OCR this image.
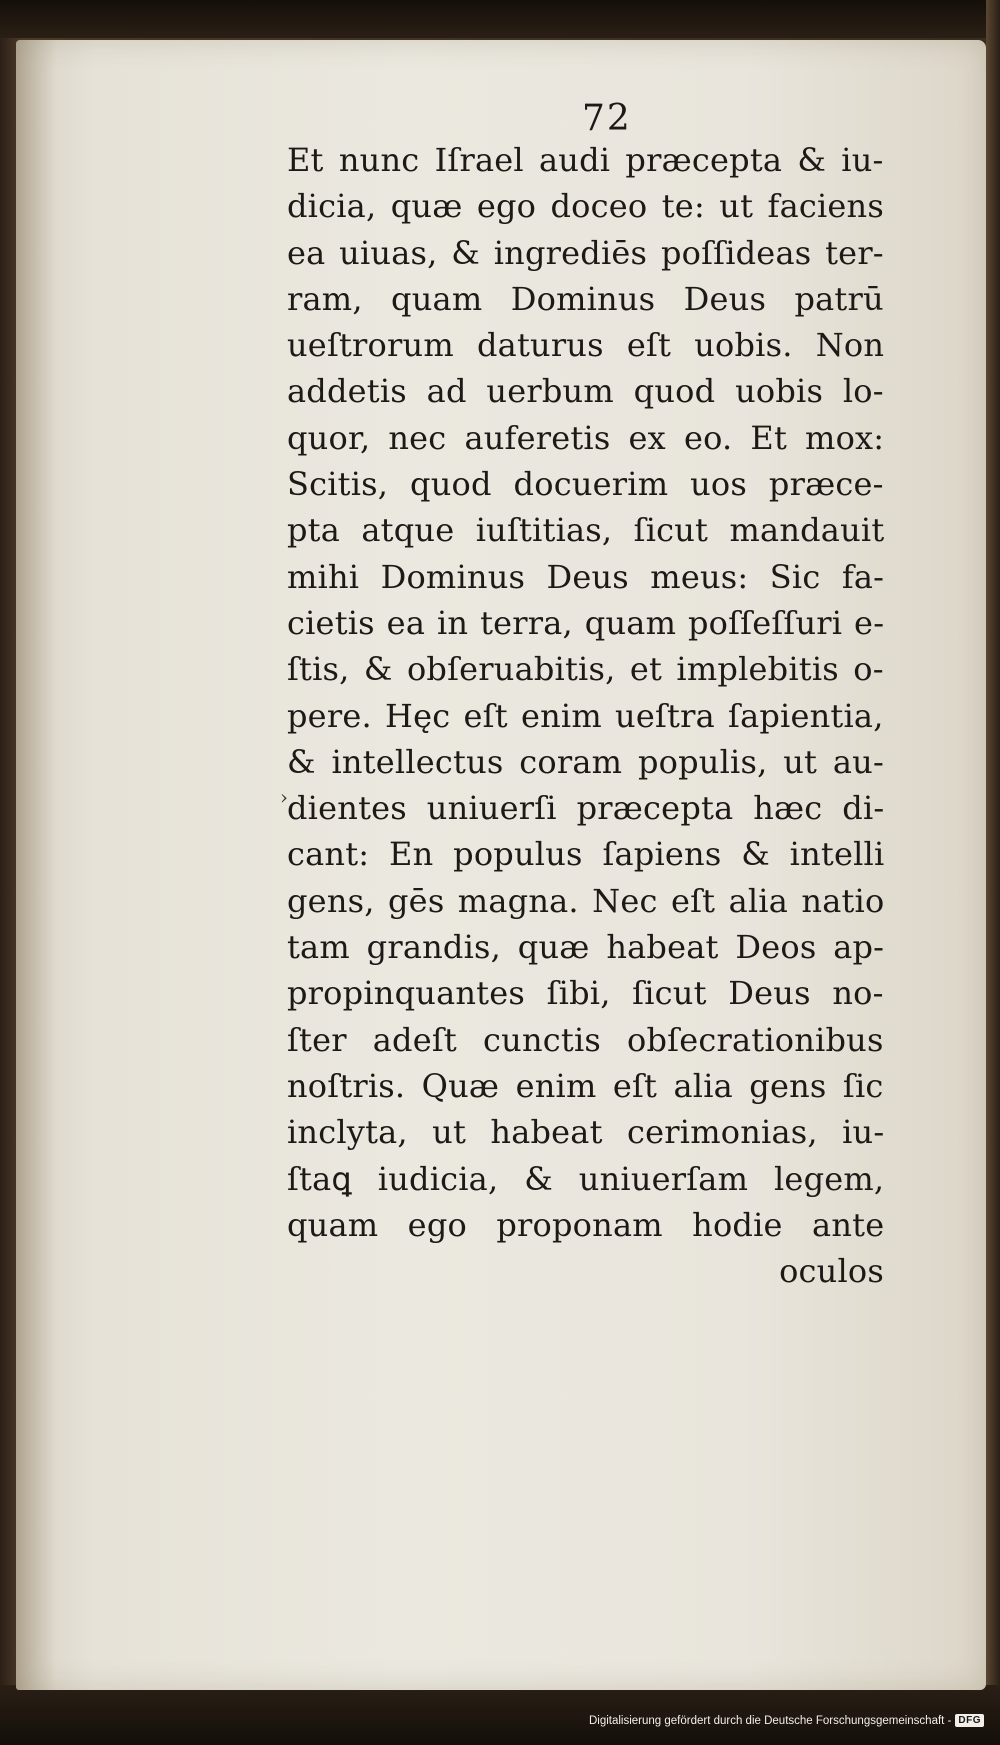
72
Et nunc Iſrael audi præcepta & iu-
dicia, quæ ego doceo te: ut faciens
ea uiuas, & ingrediēs poſſideas ter-
ram, quam Dominus Deus patrū
ueſtrorum daturus eſt uobis. Non
addetis ad uerbum quod uobis lo-
quor, nec auferetis ex eo. Et mox:
Scitis, quod docuerim uos præce-
pta atque iuſtitias, ſicut mandauit
mihi Dominus Deus meus: Sic fa-
cietis ea in terra, quam poſſeſſuri e-
ſtis, & obſeruabitis, et implebitis o-
pere. Hęc eſt enim ueſtra ſapientia,
& intellectus coram populis, ut au-
dientes uniuerſi præcepta hæc di-
cant: En populus ſapiens & intelli
gens, gēs magna. Nec eſt alia natio
tam grandis, quæ habeat Deos ap-
propinquantes ſibi, ſicut Deus no-
ſter adeſt cunctis obſecrationibus
noſtris. Quæ enim eſt alia gens ſic
inclyta, ut habeat cerimonias, iu-
ſtaꝗ iudicia, & uniuerſam legem,
quam ego proponam hodie ante
oculos
›
Digitalisierung gefördert durch die Deutsche Forschungsgemeinschaft - DFG
